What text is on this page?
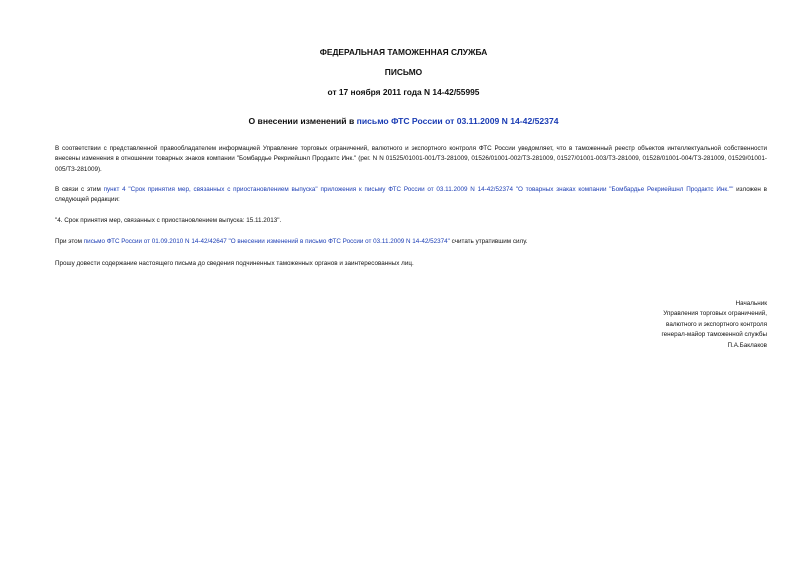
ФЕДЕРАЛЬНАЯ ТАМОЖЕННАЯ СЛУЖБА
ПИСЬМО
от 17 ноября 2011 года N 14-42/55995
О внесении изменений в письмо ФТС России от 03.11.2009 N 14-42/52374

В соответствии с представленной правообладателем информацией Управление торговых ограничений, валютного и экспортного контроля ФТС России уведомляет, что в таможенный реестр объектов интеллектуальной собственности внесены изменения в отношении товарных знаков компании "Бомбардье Рекриейшнл Продактс Инк." (рег. N N 01525/01001-001/ТЗ-281009, 01526/01001-002/ТЗ-281009, 01527/01001-003/ТЗ-281009, 01528/01001-004/ТЗ-281009, 01529/01001-005/ТЗ-281009).

В связи с этим пункт 4 "Срок принятия мер, связанных с приостановлением выпуска" приложения к письму ФТС России от 03.11.2009 N 14-42/52374 "О товарных знаках компании "Бомбардье Рекриейшнл Продактс Инк."" изложен в следующей редакции:

"4. Срок принятия мер, связанных с приостановлением выпуска: 15.11.2013".

При этом письмо ФТС России от 01.09.2010 N 14-42/42647 "О внесении изменений в письмо ФТС России от 03.11.2009 N 14-42/52374" считать утратившим силу.

Прошу довести содержание настоящего письма до сведения подчиненных таможенных органов и заинтересованных лиц.

Начальник
Управления торговых ограничений,
валютного и экспортного контроля
генерал-майор таможенной службы
П.А.Баклаков
